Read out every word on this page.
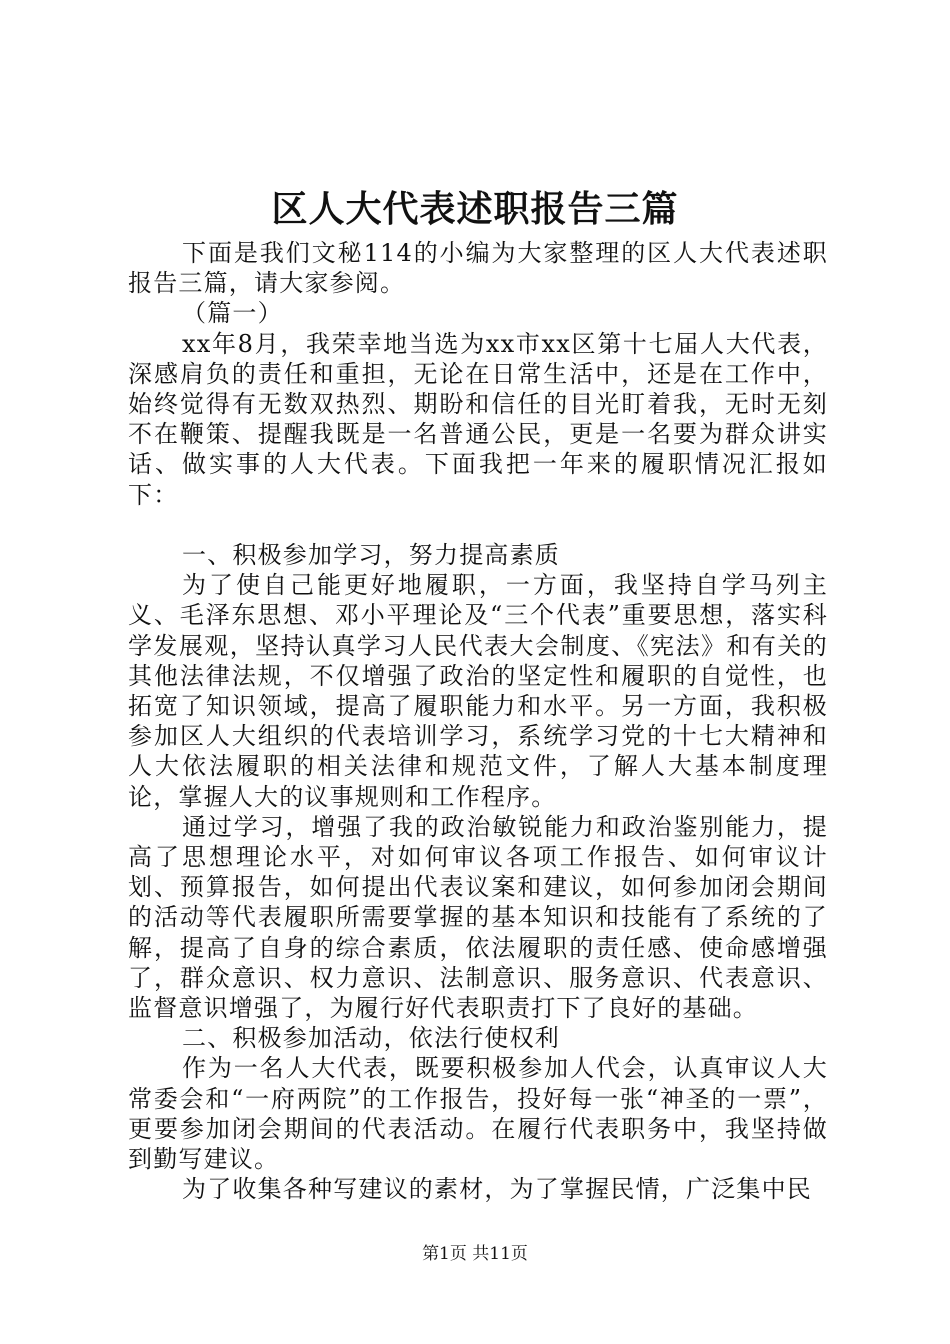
区人大代表述职报告三篇

下面是我们文秘114的小编为大家整理的区人大代表述职报告三篇，请大家参阅。

（篇一）

xx年8月，我荣幸地当选为xx市xx区第十七届人大代表，深感肩负的责任和重担，无论在日常生活中，还是在工作中，始终觉得有无数双热烈、期盼和信任的目光盯着我，无时无刻不在鞭策、提醒我既是一名普通公民，更是一名要为群众讲实话、做实事的人大代表。下面我把一年来的履职情况汇报如下：

一、积极参加学习，努力提高素质

为了使自己能更好地履职，一方面，我坚持自学马列主义、毛泽东思想、邓小平理论及“三个代表”重要思想，落实科学发展观，坚持认真学习人民代表大会制度、《宪法》和有关的其他法律法规，不仅增强了政治的坚定性和履职的自觉性，也拓宽了知识领域，提高了履职能力和水平。另一方面，我积极参加区人大组织的代表培训学习，系统学习党的十七大精神和人大依法履职的相关法律和规范文件，了解人大基本制度理论，掌握人大的议事规则和工作程序。

通过学习，增强了我的政治敏锐能力和政治鉴别能力，提高了思想理论水平，对如何审议各项工作报告、如何审议计划、预算报告，如何提出代表议案和建议，如何参加闭会期间的活动等代表履职所需要掌握的基本知识和技能有了系统的了解，提高了自身的综合素质，依法履职的责任感、使命感增强了，群众意识、权力意识、法制意识、服务意识、代表意识、监督意识增强了，为履行好代表职责打下了良好的基础。

二、积极参加活动，依法行使权利

作为一名人大代表，既要积极参加人代会，认真审议人大常委会和“一府两院”的工作报告，投好每一张“神圣的一票”，更要参加闭会期间的代表活动。在履行代表职务中，我坚持做到勤写建议。

为了收集各种写建议的素材，为了掌握民情，广泛集中民

第1页 共11页
